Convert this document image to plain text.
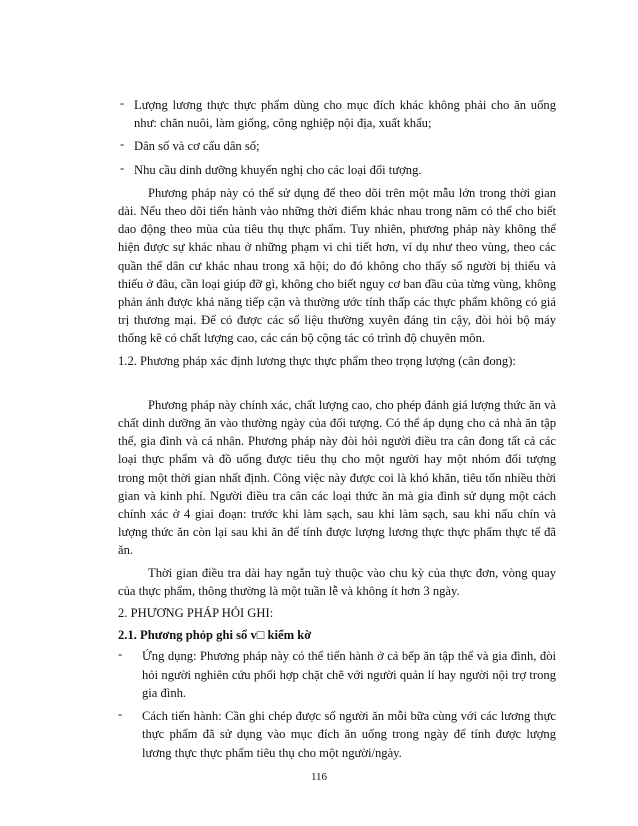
- Lượng lương thực thực phẩm dùng cho mục đích khác không phải cho ăn uống như: chăn nuôi, làm giống, công nghiệp nội địa, xuất khẩu;
- Dân số và cơ cấu dân số;
- Nhu cầu dinh dưỡng khuyến nghị cho các loại đối tượng.

Phương pháp này có thể sử dụng để theo dõi trên một mẫu lớn trong thời gian dài. Nếu theo dõi tiến hành vào những thời điểm khác nhau trong năm có thể cho biết dao động theo mùa của tiêu thụ thực phẩm. Tuy nhiên, phương pháp này không thể hiện được sự khác nhau ở những phạm vi chi tiết hơn, ví dụ như theo vùng, theo các quần thể dân cư khác nhau trong xã hội; do đó không cho thấy số người bị thiếu và thiếu ở đâu, cần loại giúp đỡ gì, không cho biết nguy cơ ban đầu của từng vùng, không phản ánh được khả năng tiếp cận và thường ước tính thấp các thực phẩm không có giá trị thương mại. Để có được các số liệu thường xuyên đáng tin cậy, đòi hỏi bộ máy thống kê có chất lượng cao, các cán bộ cộng tác có trình độ chuyên môn.

1.2. Phương pháp xác định lương thực thực phẩm theo trọng lượng (cân đong):

Phương pháp này chính xác, chất lượng cao, cho phép đánh giá lượng thức ăn và chất dinh dưỡng ăn vào thường ngày của đối tượng. Có thể áp dụng cho cả nhà ăn tập thể, gia đình và cá nhân. Phương pháp này đòi hỏi người điều tra cân đong tất cả các loại thực phẩm và đồ uống được tiêu thụ cho một người hay một nhóm đối tượng trong một thời gian nhất định. Công việc này được coi là khó khăn, tiêu tốn nhiều thời gian và kinh phí. Người điều tra cân các loại thức ăn mà gia đình sử dụng một cách chính xác ở 4 giai đoạn: trước khi làm sạch, sau khi làm sạch, sau khi nấu chín và lượng thức ăn còn lại sau khi ăn để tính được lượng lương thực thực phẩm thực tế đã ăn.

Thời gian điều tra dài hay ngắn tuỳ thuộc vào chu kỳ của thực đơn, vòng quay của thực phẩm, thông thường là một tuần lễ và không ít hơn 3 ngày.

2. PHƯƠNG PHÁP HỎI GHI:

2.1. Phương phỏp ghi sổ v□ kiểm kờ

-	Ứng dụng: Phương pháp này có thể tiến hành ở cả bếp ăn tập thể và gia đình, đòi hỏi người nghiên cứu phối hợp chặt chẽ với người quản lí hay người nội trợ trong gia đình.
-	Cách tiến hành: Cần ghi chép được số người ăn mỗi bữa cùng với các lương thực thực phẩm đã sử dụng vào mục đích ăn uống trong ngày để tính được lượng lương thực thực phẩm tiêu thụ cho một người/ngày.
116
